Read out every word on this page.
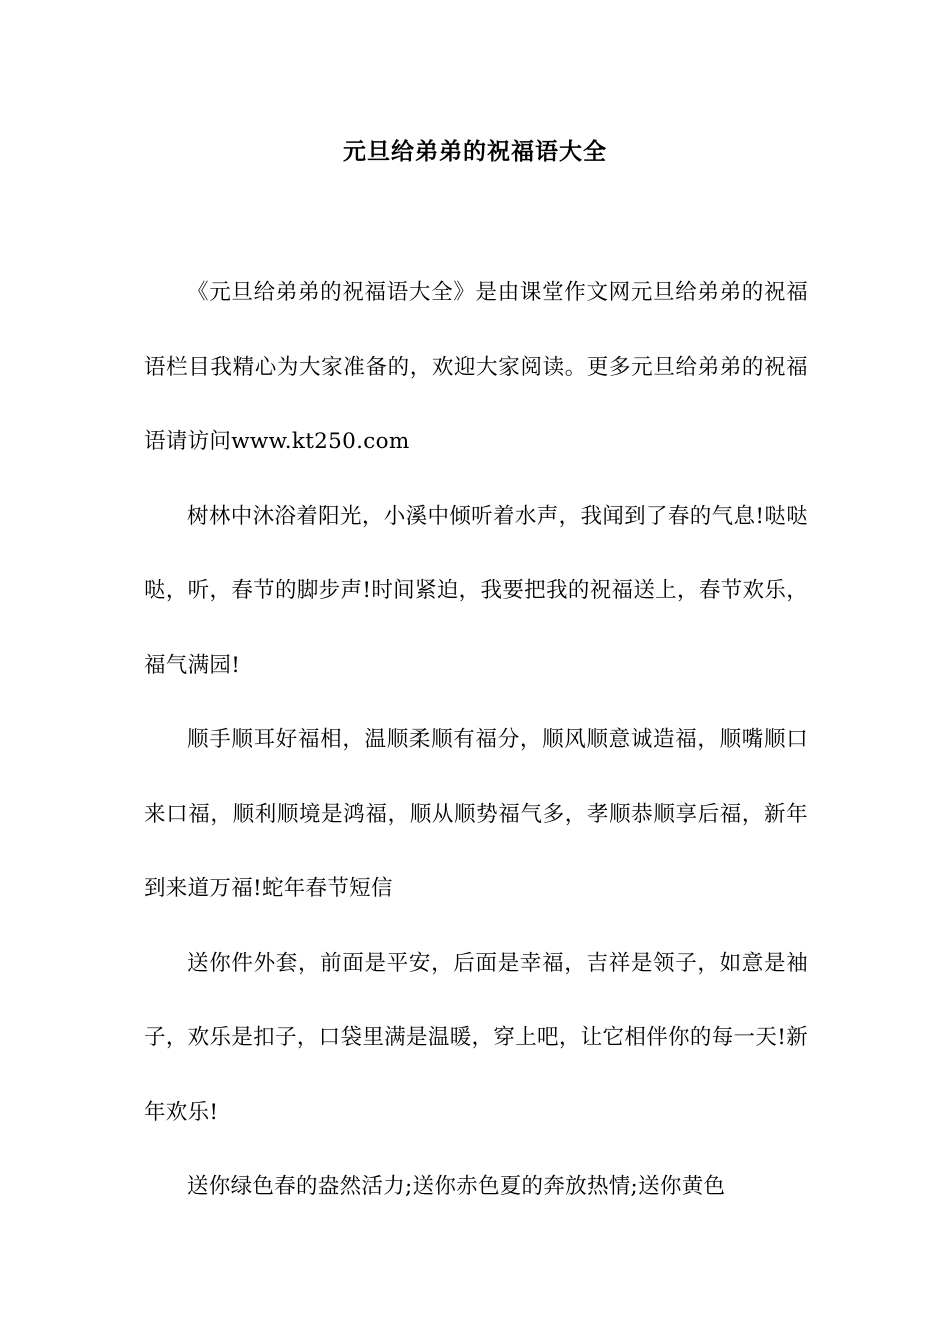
元旦给弟弟的祝福语大全

《元旦给弟弟的祝福语大全》是由课堂作文网元旦给弟弟的祝福语栏目我精心为大家准备的，欢迎大家阅读。更多元旦给弟弟的祝福语请访问www.kt250.com

树林中沐浴着阳光，小溪中倾听着水声，我闻到了春的气息!哒哒哒，听，春节的脚步声!时间紧迫，我要把我的祝福送上，春节欢乐，福气满园!

顺手顺耳好福相，温顺柔顺有福分，顺风顺意诚造福，顺嘴顺口来口福，顺利顺境是鸿福，顺从顺势福气多，孝顺恭顺享后福，新年到来道万福!蛇年春节短信

送你件外套，前面是平安，后面是幸福，吉祥是领子，如意是袖子，欢乐是扣子，口袋里满是温暖，穿上吧，让它相伴你的每一天!新年欢乐!

送你绿色春的盎然活力;送你赤色夏的奔放热情;送你黄色
